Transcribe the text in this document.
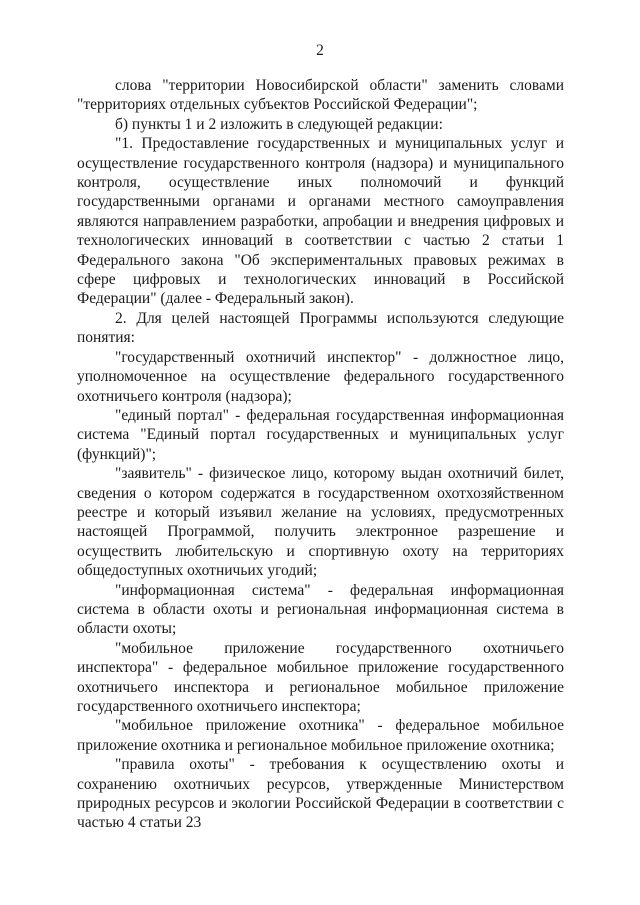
2

слова "территории Новосибирской области" заменить словами "территориях отдельных субъектов Российской Федерации";

б) пункты 1 и 2 изложить в следующей редакции:

"1. Предоставление государственных и муниципальных услуг и осуществление государственного контроля (надзора) и муниципального контроля, осуществление иных полномочий и функций государственными органами и органами местного самоуправления являются направлением разработки, апробации и внедрения цифровых и технологических инноваций в соответствии с частью 2 статьи 1 Федерального закона "Об экспериментальных правовых режимах в сфере цифровых и технологических инноваций в Российской Федерации" (далее - Федеральный закон).

2. Для целей настоящей Программы используются следующие понятия:

"государственный охотничий инспектор" - должностное лицо, уполномоченное на осуществление федерального государственного охотничьего контроля (надзора);

"единый портал" - федеральная государственная информационная система "Единый портал государственных и муниципальных услуг (функций)";

"заявитель" - физическое лицо, которому выдан охотничий билет, сведения о котором содержатся в государственном охотхозяйственном реестре и который изъявил желание на условиях, предусмотренных настоящей Программой, получить электронное разрешение и осуществить любительскую и спортивную охоту на территориях общедоступных охотничьих угодий;

"информационная система" - федеральная информационная система в области охоты и региональная информационная система в области охоты;

"мобильное приложение государственного охотничьего инспектора" - федеральное мобильное приложение государственного охотничьего инспектора и региональное мобильное приложение государственного охотничьего инспектора;

"мобильное приложение охотника" - федеральное мобильное приложение охотника и региональное мобильное приложение охотника;

"правила охоты" - требования к осуществлению охоты и сохранению охотничьих ресурсов, утвержденные Министерством природных ресурсов и экологии Российской Федерации в соответствии с частью 4 статьи 23
